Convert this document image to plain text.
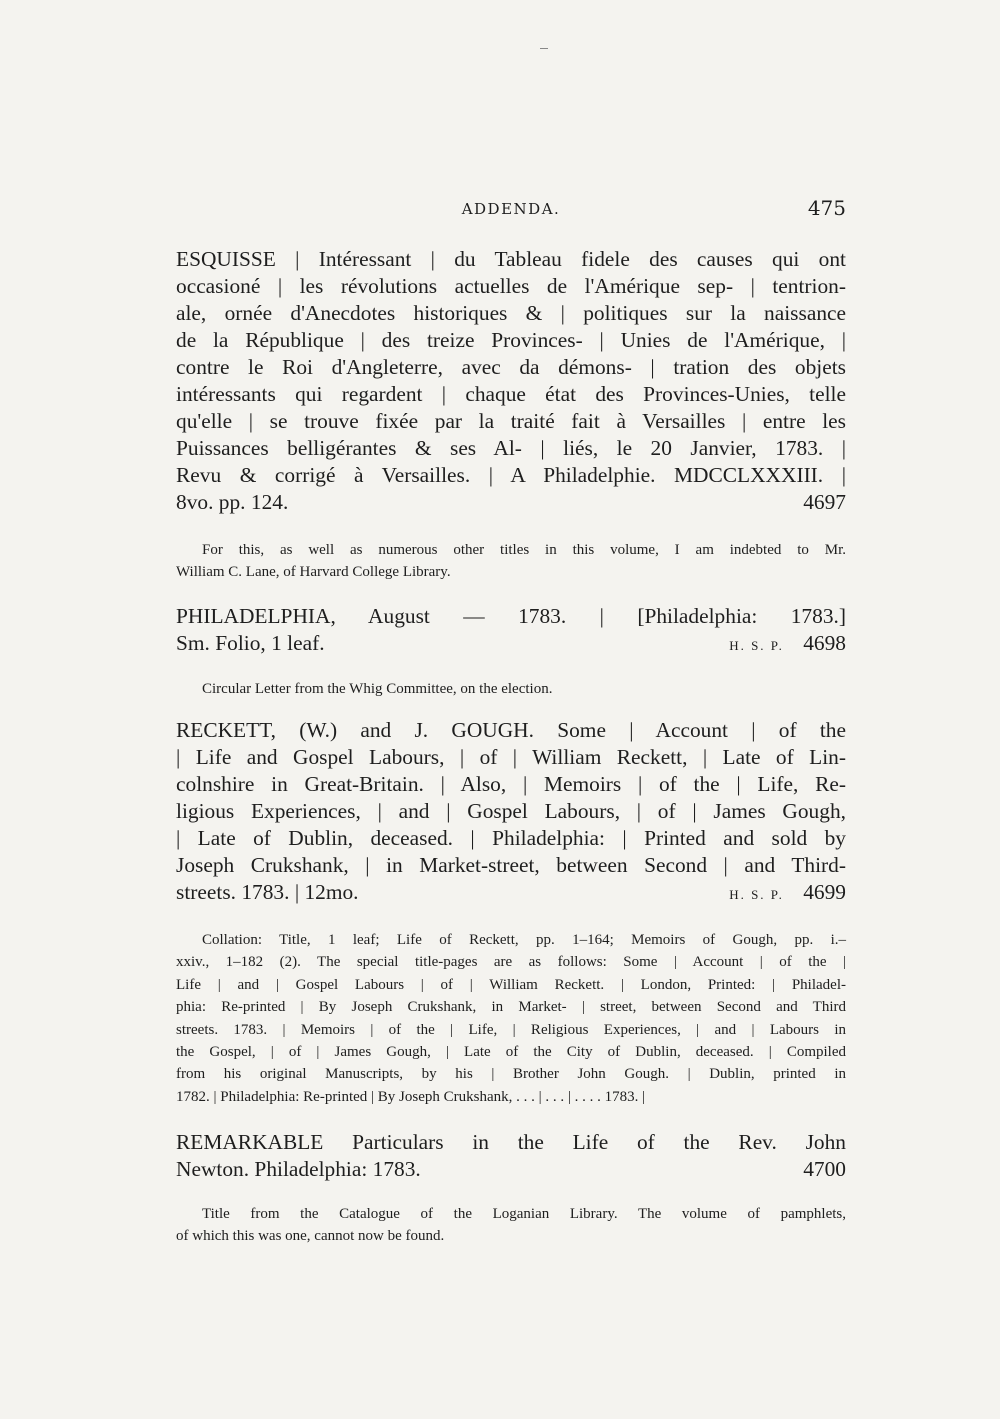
ADDENDA.	475
ESQUISSE | Intéressant | du Tableau fidele des causes qui ont
occasioné | les révolutions actuelles de l'Amérique sep- | tentrion-
ale, ornée d'Anecdotes historiques & | politiques sur la naissance
de la République | des treize Provinces- | Unies de l'Amérique, |
contre le Roi d'Angleterre, avec da démons- | tration des objets
intéressants qui regardent | chaque état des Provinces-Unies, telle
qu'elle | se trouve fixée par la traité fait à Versailles | entre les
Puissances belligérantes & ses Al- | liés, le 20 Janvier, 1783. |
Revu & corrigé à Versailles. | A Philadelphie. MDCCLXXXIII. |
8vo. pp. 124.	4697
For this, as well as numerous other titles in this volume, I am indebted to Mr.
William C. Lane, of Harvard College Library.
PHILADELPHIA, August — 1783. | [Philadelphia: 1783.]
Sm. Folio, 1 leaf.	H. S. P. 4698
Circular Letter from the Whig Committee, on the election.
RECKETT, (W.) and J. GOUGH. Some | Account | of the
| Life and Gospel Labours, | of | William Reckett, | Late of Lin-
colnshire in Great-Britain. | Also, | Memoirs | of the | Life, Re-
ligious Experiences, | and | Gospel Labours, | of | James Gough,
| Late of Dublin, deceased. | Philadelphia: | Printed and sold by
Joseph Crukshank, | in Market-street, between Second | and Third-
streets. 1783. | 12mo.	H. S. P. 4699
Collation: Title, 1 leaf; Life of Reckett, pp. 1–164; Memoirs of Gough, pp. i.–
xxiv., 1–182 (2). The special title-pages are as follows: Some | Account | of the |
Life | and | Gospel Labours | of | William Reckett. | London, Printed: | Philadel-
phia: Re-printed | By Joseph Crukshank, in Market- | street, between Second and Third
streets. 1783. | Memoirs | of the | Life, | Religious Experiences, | and | Labours in
the Gospel, | of | James Gough, | Late of the City of Dublin, deceased. | Compiled
from his original Manuscripts, by his | Brother John Gough. | Dublin, printed in
1782. | Philadelphia: Re-printed | By Joseph Crukshank, . . . | . . . | . . . . 1783. |
REMARKABLE Particulars in the Life of the Rev. John
Newton. Philadelphia: 1783.	4700
Title from the Catalogue of the Loganian Library. The volume of pamphlets,
of which this was one, cannot now be found.
